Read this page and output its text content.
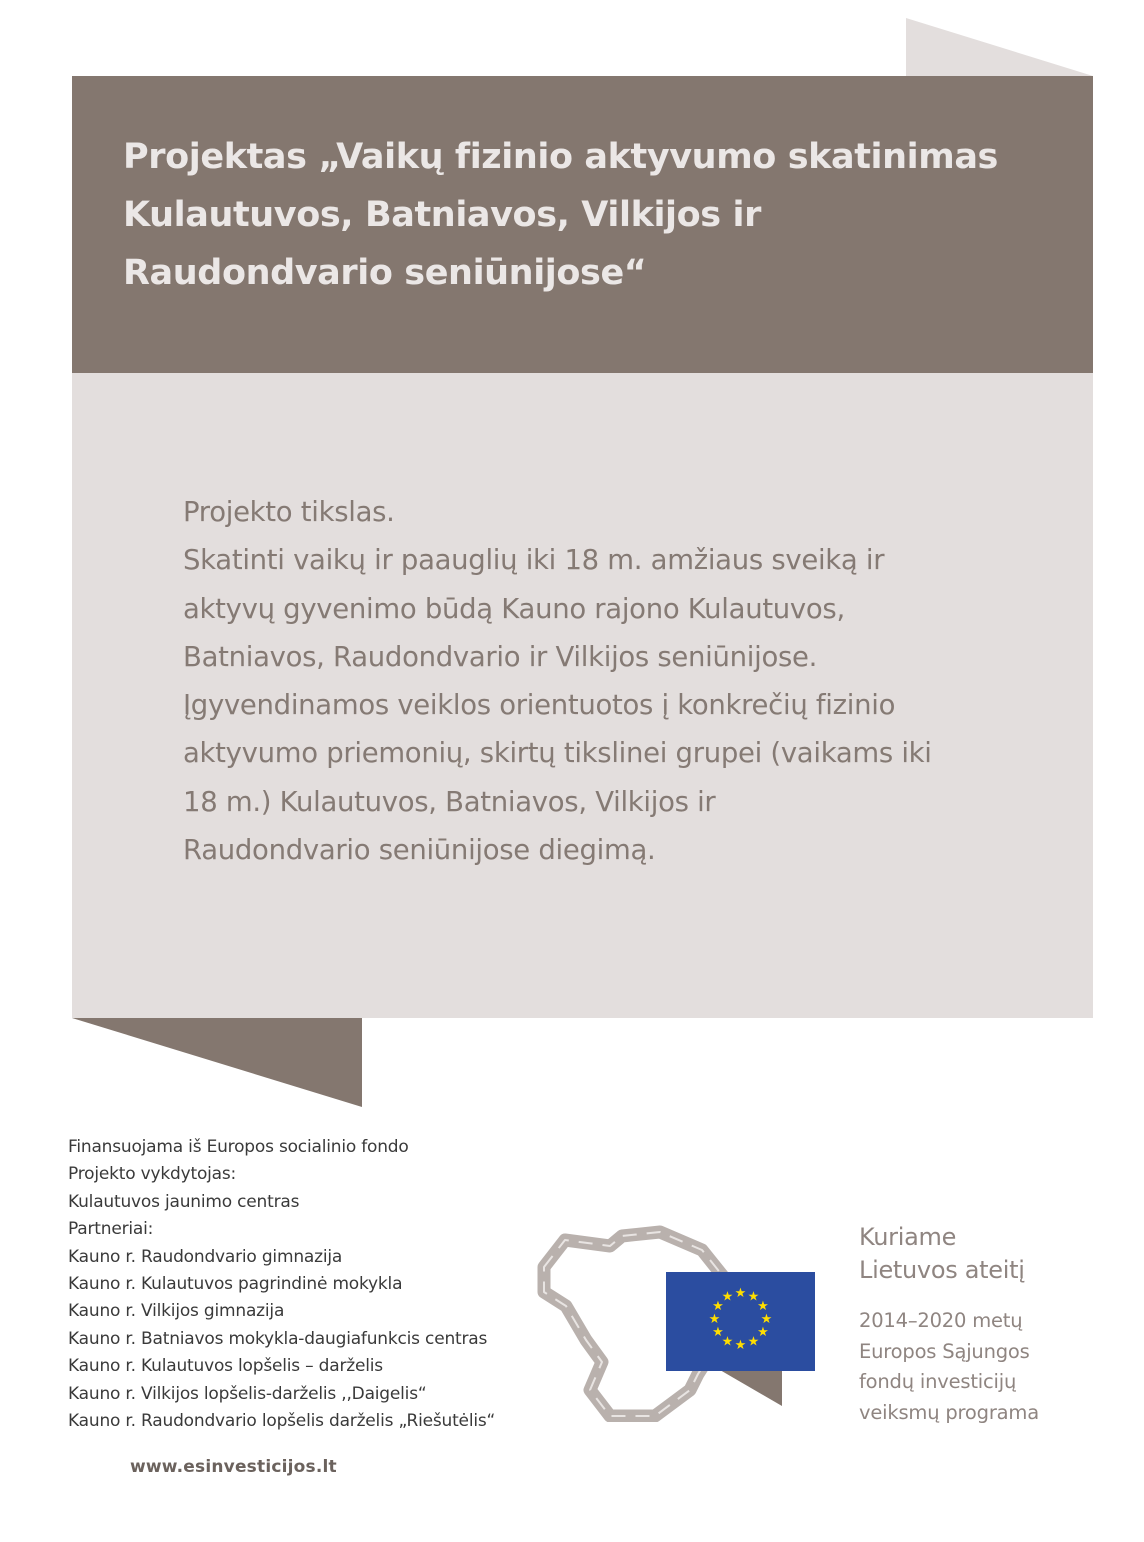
Projektas „Vaikų fizinio aktyvumo skatinimas
Kulautuvos, Batniavos, Vilkijos ir
Raudondvario seniūnijose“

Projekto tikslas.
Skatinti vaikų ir paauglių iki 18 m. amžiaus sveiką ir
aktyvų gyvenimo būdą Kauno rajono Kulautuvos,
Batniavos, Raudondvario ir Vilkijos seniūnijose.
Įgyvendinamos veiklos orientuotos į konkrečių fizinio
aktyvumo priemonių, skirtų tikslinei grupei (vaikams iki
18 m.) Kulautuvos, Batniavos, Vilkijos ir
Raudondvario seniūnijose diegimą.

Finansuojama iš Europos socialinio fondo
Projekto vykdytojas:
Kulautuvos jaunimo centras
Partneriai:
Kauno r. Raudondvario gimnazija
Kauno r. Kulautuvos pagrindinė mokykla
Kauno r. Vilkijos gimnazija
Kauno r. Batniavos mokykla-daugiafunkcis centras
Kauno r. Kulautuvos lopšelis – darželis
Kauno r. Vilkijos lopšelis-darželis ,,Daigelis“
Kauno r. Raudondvario lopšelis darželis „Riešutėlis“

www.esinvesticijos.lt
★ ★
★
★
★
★
★
★
★
★
★
★
Kuriame
Lietuvos ateitį
2014–2020 metų
Europos Sąjungos
fondų investicijų
veiksmų programa
